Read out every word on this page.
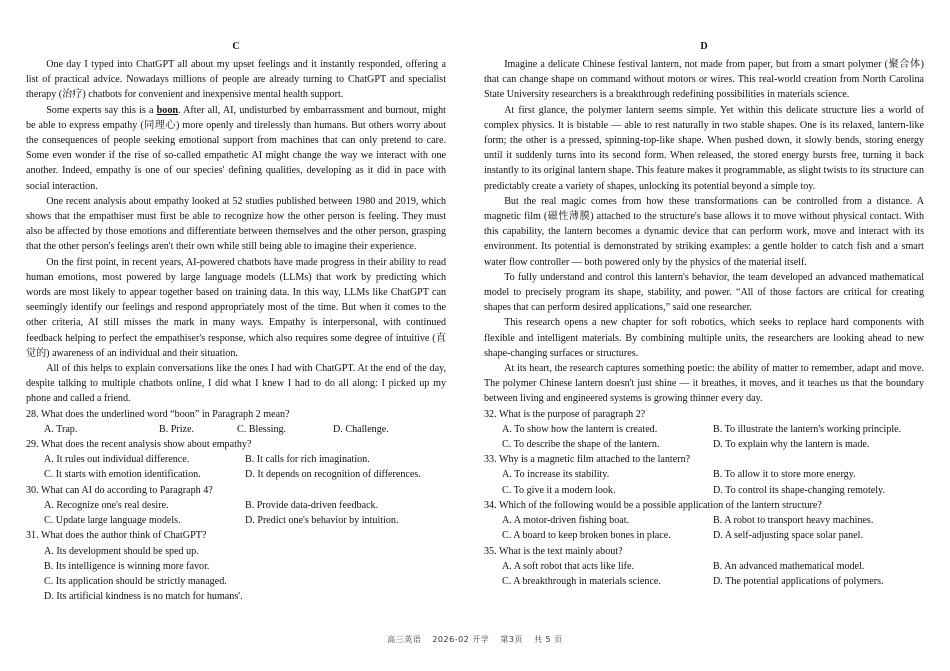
C

One day I typed into ChatGPT all about my upset feelings and it instantly responded, offering a list of practical advice. Nowadays millions of people are already turning to ChatGPT and specialist therapy (治疗) chatbots for convenient and inexpensive mental health support.

Some experts say this is a boon. After all, AI, undisturbed by embarrassment and burnout, might be able to express empathy (同理心) more openly and tirelessly than humans. But others worry about the consequences of people seeking emotional support from machines that can only pretend to care. Some even wonder if the rise of so-called empathetic AI might change the way we interact with one another. Indeed, empathy is one of our species' defining qualities, developing as it did in pace with social interaction.

One recent analysis about empathy looked at 52 studies published between 1980 and 2019, which shows that the empathiser must first be able to recognize how the other person is feeling. They must also be affected by those emotions and differentiate between themselves and the other person, grasping that the other person's feelings aren't their own while still being able to imagine their experience.

On the first point, in recent years, AI-powered chatbots have made progress in their ability to read human emotions, most powered by large language models (LLMs) that work by predicting which words are most likely to appear together based on training data. In this way, LLMs like ChatGPT can seemingly identify our feelings and respond appropriately most of the time. But when it comes to the other criteria, AI still misses the mark in many ways. Empathy is interpersonal, with continued feedback helping to perfect the empathiser's response, which also requires some degree of intuitive (直觉的) awareness of an individual and their situation.

All of this helps to explain conversations like the ones I had with ChatGPT. At the end of the day, despite talking to multiple chatbots online, I did what I knew I had to do all along: I picked up my phone and called a friend.

28. What does the underlined word “boon” in Paragraph 2 mean?
A. Trap.	B. Prize.	C. Blessing.	D. Challenge.
29. What does the recent analysis show about empathy?
A. It rules out individual difference.	B. It calls for rich imagination.
C. It starts with emotion identification.	D. It depends on recognition of differences.
30. What can AI do according to Paragraph 4?
A. Recognize one's real desire.	B. Provide data-driven feedback.
C. Update large language models.	D. Predict one's behavior by intuition.
31. What does the author think of ChatGPT?
A. Its development should be sped up.
B. Its intelligence is winning more favor.
C. Its application should be strictly managed.
D. Its artificial kindness is no match for humans'.
D

Imagine a delicate Chinese festival lantern, not made from paper, but from a smart polymer (聚合体) that can change shape on command without motors or wires. This real-world creation from North Carolina State University researchers is a breakthrough redefining possibilities in materials science.

At first glance, the polymer lantern seems simple. Yet within this delicate structure lies a world of complex physics. It is bistable — able to rest naturally in two stable shapes. One is its relaxed, lantern-like form; the other is a pressed, spinning-top-like shape. When pushed down, it slowly bends, storing energy until it suddenly turns into its second form. When released, the stored energy bursts free, turning it back instantly to its original lantern shape. This feature makes it programmable, as slight twists to its structure can predictably create a variety of shapes, unlocking its potential beyond a simple toy.

But the real magic comes from how these transformations can be controlled from a distance. A magnetic film (磁性薄膜) attached to the structure's base allows it to move without physical contact. With this capability, the lantern becomes a dynamic device that can perform work, move and interact with its environment. Its potential is demonstrated by striking examples: a gentle holder to catch fish and a smart water flow controller — both powered only by the physics of the material itself.

To fully understand and control this lantern's behavior, the team developed an advanced mathematical model to precisely program its shape, stability, and power. “All of those factors are critical for creating shapes that can perform desired applications,” said one researcher.

This research opens a new chapter for soft robotics, which seeks to replace hard components with flexible and intelligent materials. By combining multiple units, the researchers are looking ahead to new shape-changing surfaces or structures.

At its heart, the research captures something poetic: the ability of matter to remember, adapt and move. The polymer Chinese lantern doesn't just shine — it breathes, it moves, and it teaches us that the boundary between living and engineered systems is growing thinner every day.

32. What is the purpose of paragraph 2?
A. To show how the lantern is created.	B. To illustrate the lantern's working principle.
C. To describe the shape of the lantern.	D. To explain why the lantern is made.
33. Why is a magnetic film attached to the lantern?
A. To increase its stability.	B. To allow it to store more energy.
C. To give it a modern look.	D. To control its shape-changing remotely.
34. Which of the following would be a possible application of the lantern structure?
A. A motor-driven fishing boat.	B. A robot to transport heavy machines.
C. A board to keep broken bones in place.	D. A self-adjusting space solar panel.
35. What is the text mainly about?
A. A soft robot that acts like life.	B. An advanced mathematical model.
C. A breakthrough in materials science.	D. The potential applications of polymers.
高三英语 2026-02 开学 第3页 共 5 页
